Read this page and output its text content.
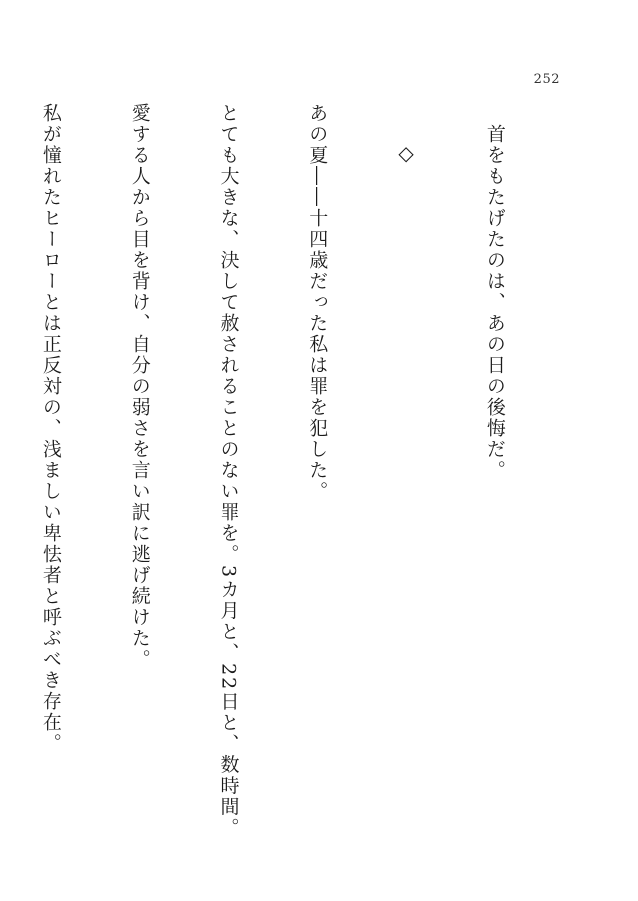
252

　首をもたげたのは、あの日の後悔だ。

◇

あの夏――十四歳だった私は罪を犯した。

とても大きな、決して赦されることのない罪を。3カ月と、22日と、数時間。

愛する人から目を背け、自分の弱さを言い訳に逃げ続けた。

私が憧れたヒーローとは正反対の、浅ましい卑怯者と呼ぶべき存在。
